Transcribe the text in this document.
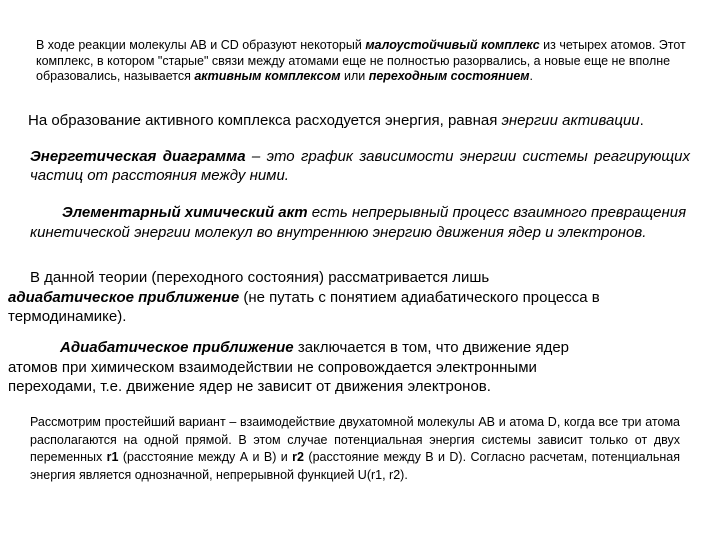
В ходе реакции молекулы АВ и СD образуют некоторый малоустойчивый комплекс из четырех атомов. Этот комплекс, в котором "старые" связи между атомами еще не полностью разорвались, а новые еще не вполне образовались, называется активным комплексом или переходным состоянием.

На образование активного комплекса расходуется энергия, равная энергии активации.

Энергетическая диаграмма – это график зависимости энергии системы реагирующих частиц от расстояния между ними.

Элементарный химический акт есть непрерывный процесс взаимного превращения кинетической энергии молекул во внутреннюю энергию движения ядер и электронов.

В данной теории (переходного состояния) рассматривается лишь адиабатическое приближение (не путать с понятием адиабатического процесса в термодинамике).

Адиабатическое приближение заключается в том, что движение ядер атомов при химическом взаимодействии не сопровождается электронными переходами, т.е. движение ядер не зависит от движения электронов.

Рассмотрим простейший вариант – взаимодействие двухатомной молекулы АВ и атома D, когда все три атома располагаются на одной прямой. В этом случае потенциальная энергия системы зависит только от двух переменных r1 (расстояние между А и В) и r2 (расстояние между В и D). Согласно расчетам, потенциальная энергия является однозначной, непрерывной функцией U(r1, r2).
